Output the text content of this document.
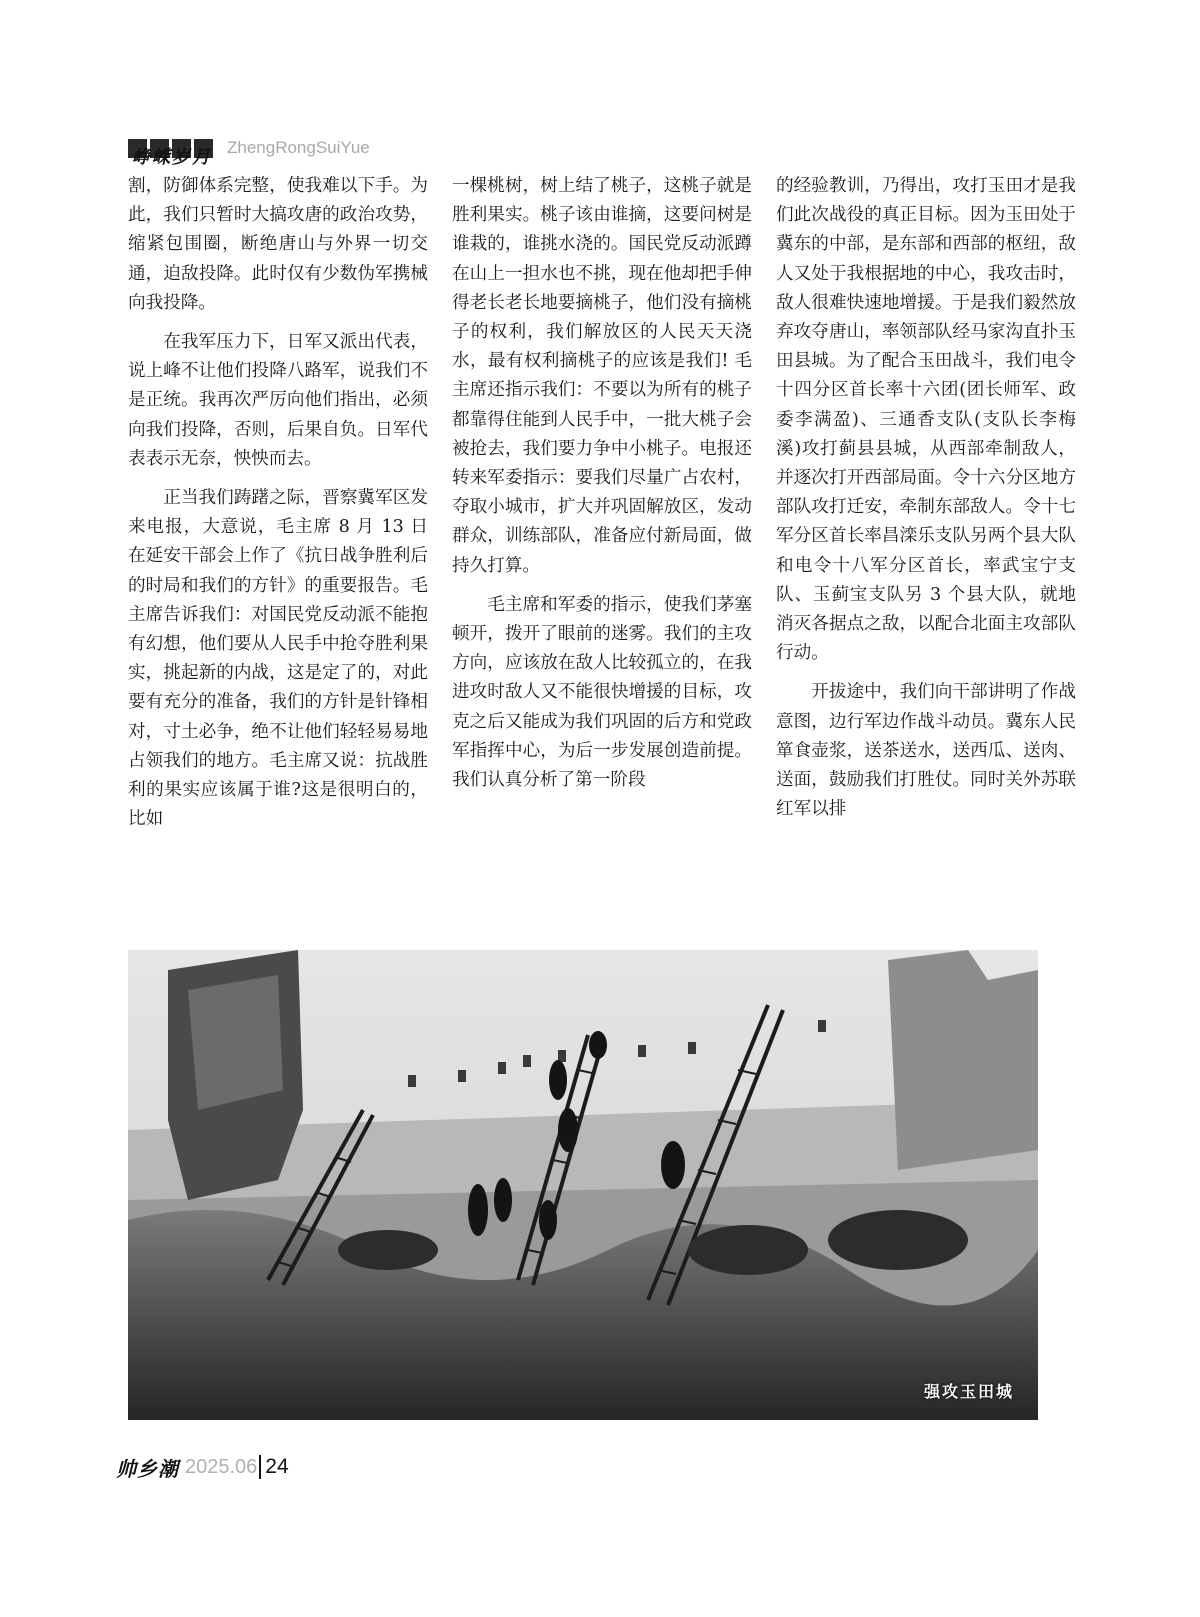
峥嵘岁月 ZhengRongSuiYue

割，防御体系完整，使我难以下手。为此，我们只暂时大搞攻唐的政治攻势，缩紧包围圈，断绝唐山与外界一切交通，迫敌投降。此时仅有少数伪军携械向我投降。

在我军压力下，日军又派出代表，说上峰不让他们投降八路军，说我们不是正统。我再次严厉向他们指出，必须向我们投降，否则，后果自负。日军代表表示无奈，怏怏而去。

正当我们踌躇之际，晋察冀军区发来电报，大意说，毛主席 8 月 13 日在延安干部会上作了《抗日战争胜利后的时局和我们的方针》的重要报告。毛主席告诉我们：对国民党反动派不能抱有幻想，他们要从人民手中抢夺胜利果实，挑起新的内战，这是定了的，对此要有充分的准备，我们的方针是针锋相对，寸土必争，绝不让他们轻轻易易地占领我们的地方。毛主席又说：抗战胜利的果实应该属于谁?这是很明白的，比如

一棵桃树，树上结了桃子，这桃子就是胜利果实。桃子该由谁摘，这要问树是谁栽的，谁挑水浇的。国民党反动派蹲在山上一担水也不挑，现在他却把手伸得老长老长地要摘桃子，他们没有摘桃子的权利，我们解放区的人民天天浇水，最有权利摘桃子的应该是我们! 毛主席还指示我们：不要以为所有的桃子都靠得住能到人民手中，一批大桃子会被抢去，我们要力争中小桃子。电报还转来军委指示：要我们尽量广占农村，夺取小城市，扩大并巩固解放区，发动群众，训练部队，准备应付新局面，做持久打算。

毛主席和军委的指示，使我们茅塞顿开，拨开了眼前的迷雾。我们的主攻方向，应该放在敌人比较孤立的，在我进攻时敌人又不能很快增援的目标，攻克之后又能成为我们巩固的后方和党政军指挥中心，为后一步发展创造前提。我们认真分析了第一阶段

的经验教训，乃得出，攻打玉田才是我们此次战役的真正目标。因为玉田处于冀东的中部，是东部和西部的枢纽，敌人又处于我根据地的中心，我攻击时，敌人很难快速地增援。于是我们毅然放弃攻夺唐山，率领部队经马家沟直扑玉田县城。为了配合玉田战斗，我们电令十四分区首长率十六团(团长师军、政委李满盈)、三通香支队(支队长李梅溪)攻打蓟县县城，从西部牵制敌人，并逐次打开西部局面。令十六分区地方部队攻打迁安，牵制东部敌人。令十七军分区首长率昌滦乐支队另两个县大队和电令十八军分区首长，率武宝宁支队、玉蓟宝支队另 3 个县大队，就地消灭各据点之敌，以配合北面主攻部队行动。

开拔途中，我们向干部讲明了作战意图，边行军边作战斗动员。冀东人民箪食壶浆，送茶送水，送西瓜、送肉、送面，鼓励我们打胜仗。同时关外苏联红军以排

强攻玉田城
帅乡潮 2025.06 24
